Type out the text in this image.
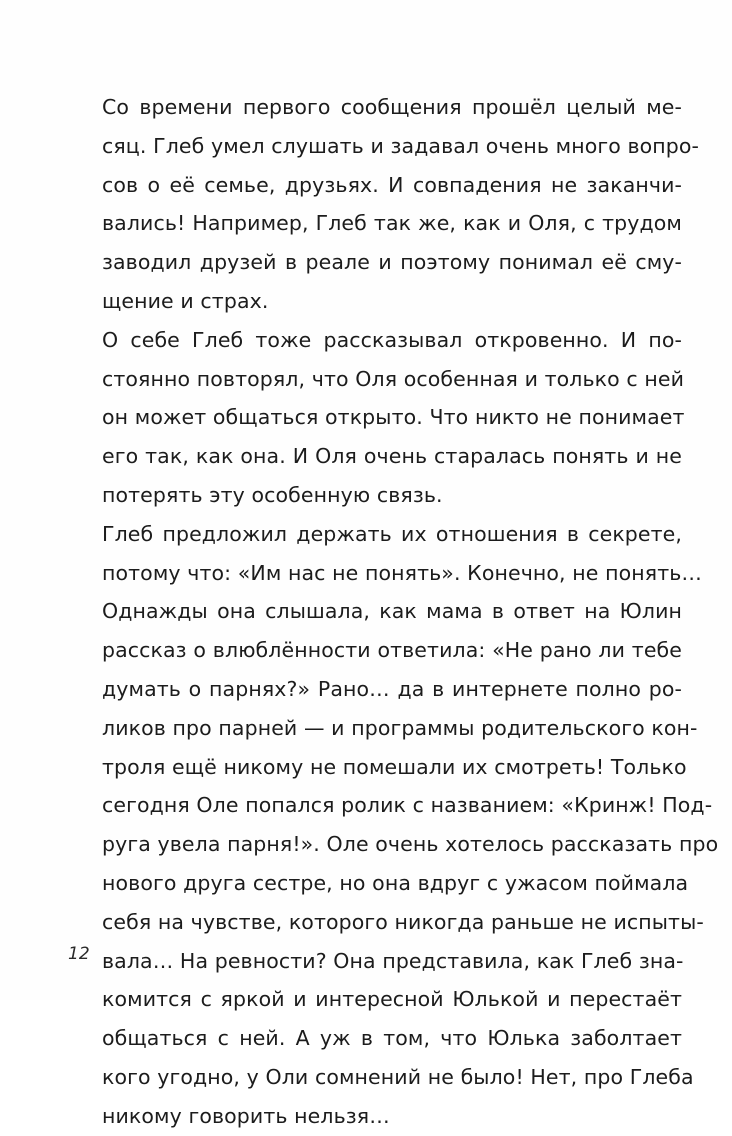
Со времени первого сообщения прошёл целый ме-
сяц. Глеб умел слушать и задавал очень много вопро-
сов о её семье, друзьях. И совпадения не заканчи-
вались! Например, Глеб так же, как и Оля, с трудом
заводил друзей в реале и поэтому понимал её сму-
щение и страх.
О себе Глеб тоже рассказывал откровенно. И по-
стоянно повторял, что Оля особенная и только с ней
он может общаться открыто. Что никто не понимает
его так, как она. И Оля очень старалась понять и не
потерять эту особенную связь.
Глеб предложил держать их отношения в секрете,
потому что: «Им нас не понять». Конечно, не понять…
Однажды она слышала, как мама в ответ на Юлин
рассказ о влюблённости ответила: «Не рано ли тебе
думать о парнях?» Рано… да в интернете полно ро-
ликов про парней — и программы родительского кон-
троля ещё никому не помешали их смотреть! Только
сегодня Оле попался ролик с названием: «Кринж! Под-
руга увела парня!». Оле очень хотелось рассказать про
нового друга сестре, но она вдруг с ужасом поймала
себя на чувстве, которого никогда раньше не испыты-
вала… На ревности? Она представила, как Глеб зна-
комится с яркой и интересной Юлькой и перестаёт
общаться с ней. А уж в том, что Юлька заболтает
кого угодно, у Оли сомнений не было! Нет, про Глеба
никому говорить нельзя…
12
